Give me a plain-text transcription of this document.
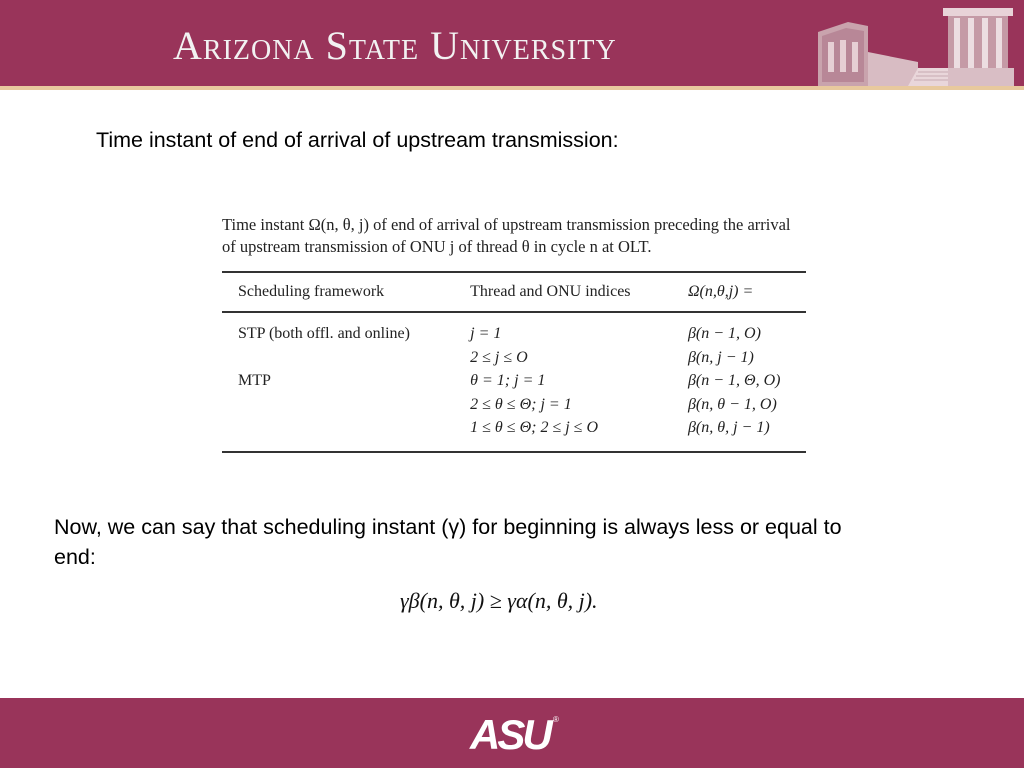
Arizona State University
Time instant of end of arrival of upstream transmission:

Time instant Ω(n, θ, j) of end of arrival of upstream transmission preceding the arrival of upstream transmission of ONU j of thread θ in cycle n at OLT.

Scheduling framework	Thread and ONU indices	Ω(n,θ,j) =
STP (both offl. and online)	j = 1	β(n − 1, O)
	2 ≤ j ≤ O	β(n, j − 1)
MTP	θ = 1; j = 1	β(n − 1, Θ, O)
	2 ≤ θ ≤ Θ; j = 1	β(n, θ − 1, O)
	1 ≤ θ ≤ Θ; 2 ≤ j ≤ O	β(n, θ, j − 1)

Now, we can say that scheduling instant (γ) for beginning is always less or equal to end:

γβ(n, θ, j) ≥ γα(n, θ, j).
ASU ®
